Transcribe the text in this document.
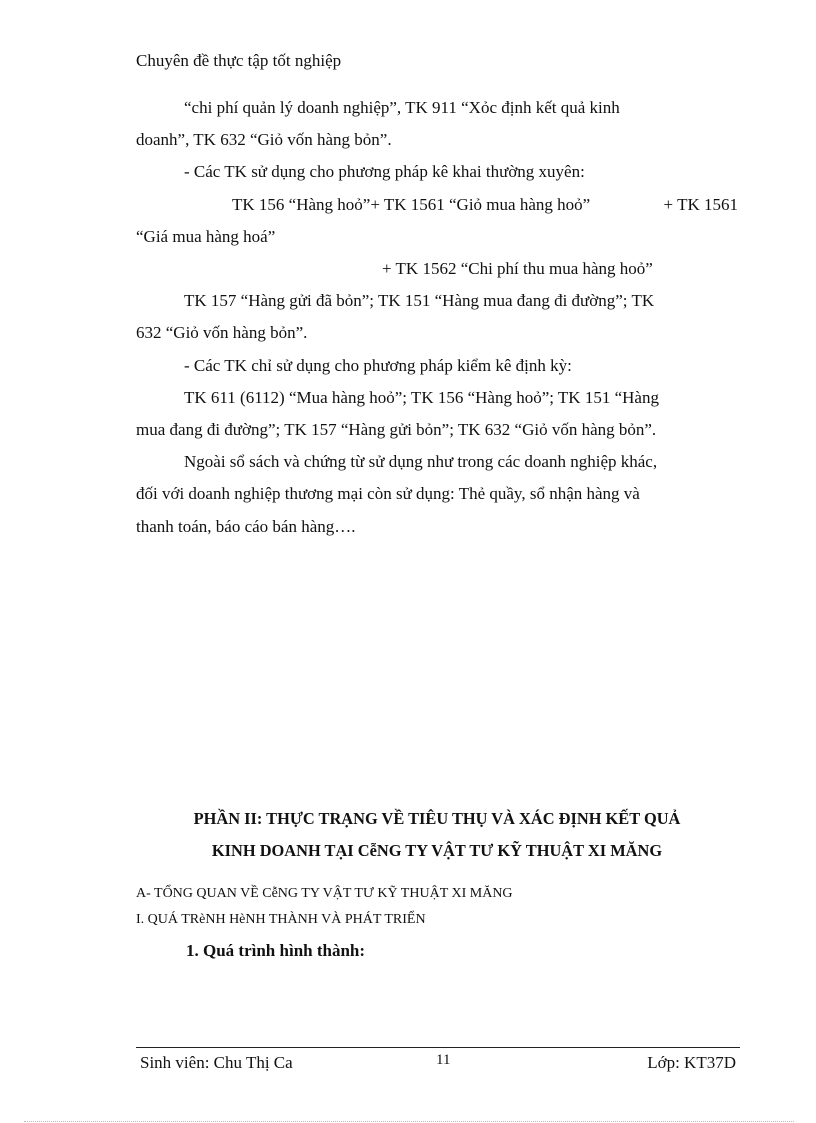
Chuyên đề thực tập tốt nghiệp

“chi phí quản lý doanh nghiệp”, TK 911 “Xỏc định kết quả kinh

doanh”, TK 632 “Giỏ vốn hàng bỏn”.

- Các TK sử dụng cho phương pháp kê khai thường xuyên:

TK 156 “Hàng hoỏ”+ TK 1561 “Giỏ mua hàng hoỏ”	+ TK 1561

“Giá mua hàng hoá”

+ TK 1562 “Chi phí thu mua hàng hoỏ”

TK 157 “Hàng gửi đã bỏn”; TK 151 “Hàng mua đang đi đường”; TK

632 “Giỏ vốn hàng bỏn”.

- Các TK chỉ sử dụng cho phương pháp kiểm kê định kỳ:

TK 611 (6112) “Mua hàng hoỏ”; TK 156 “Hàng hoỏ”; TK 151 “Hàng

mua đang đi đường”; TK 157 “Hàng gửi bỏn”; TK 632 “Giỏ vốn hàng bỏn”.

Ngoài sổ sách và chứng từ sử dụng như trong các doanh nghiệp khác,

đối với doanh nghiệp thương mại còn sử dụng: Thẻ quầy, sổ nhận hàng và

thanh toán, báo cáo bán hàng….

PHẦN II: THỰC TRẠNG VỀ TIÊU THỤ VÀ XÁC ĐỊNH KẾT QUẢ

KINH DOANH TẠI CễNG TY VẬT TƯ KỸ THUẬT XI MĂNG

A- TỔNG QUAN VỀ CễNG TY VẬT TƯ KỸ THUẬT XI MĂNG

I. QUÁ TRèNH HèNH THÀNH VÀ PHÁT TRIỂN

1. Quá trình hình thành:
Sinh viên: Chu Thị Ca	11	Lớp: KT37D
